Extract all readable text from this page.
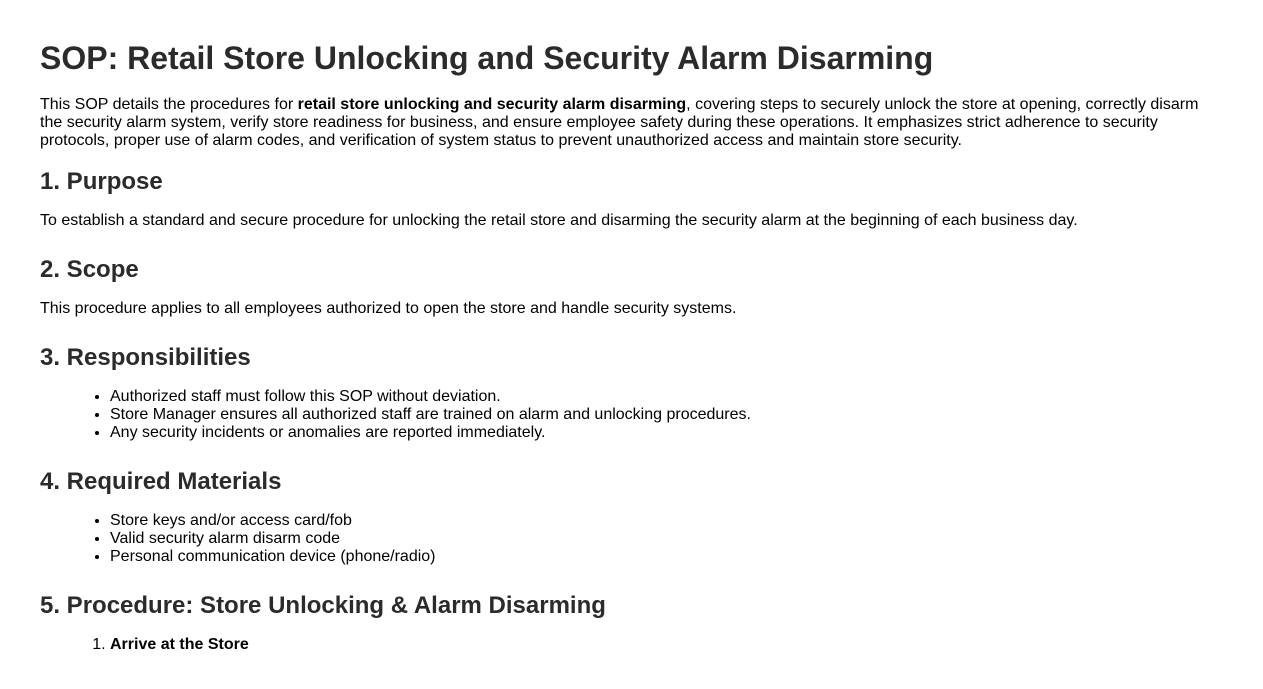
SOP: Retail Store Unlocking and Security Alarm Disarming

This SOP details the procedures for retail store unlocking and security alarm disarming, covering steps to securely unlock the store at opening, correctly disarm the security alarm system, verify store readiness for business, and ensure employee safety during these operations. It emphasizes strict adherence to security protocols, proper use of alarm codes, and verification of system status to prevent unauthorized access and maintain store security.

1. Purpose

To establish a standard and secure procedure for unlocking the retail store and disarming the security alarm at the beginning of each business day.

2. Scope

This procedure applies to all employees authorized to open the store and handle security systems.

3. Responsibilities
• Authorized staff must follow this SOP without deviation.
• Store Manager ensures all authorized staff are trained on alarm and unlocking procedures.
• Any security incidents or anomalies are reported immediately.
4. Required Materials
• Store keys and/or access card/fob
• Valid security alarm disarm code
• Personal communication device (phone/radio)
5. Procedure: Store Unlocking & Alarm Disarming
1. Arrive at the Store
